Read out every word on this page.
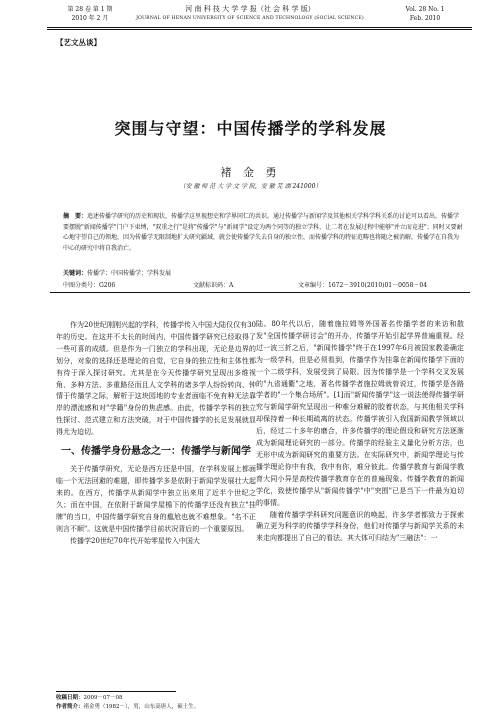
第 28 卷 第 1 期
2010 年 2 月
河 南 科 技 大 学 学 报（社 会 科 学 版）
JOURNAL OF HENAN UNIVERSITY OF SCIENCE AND TECHNOLOGY (SOCIAL SCIENCE)
Vol. 28 No. 1
Feb. 2010
【艺文丛谈】
突围与守望：中国传播学的学科发展
褚 金 勇
（安 徽 师 范 大 学 文 学 院，安 徽 芜 湖 241000）
摘　要：追述传播学研究的历史和现状，传播学这里视想史和学界同仁的共识。通过传播学与新闻学及其他相关学科学科关系的讨论可以看出，传播学要摆脱"新闻传播学"门户下束缚，"双重之行"是将"传播学"与"新闻学"设定为两个同等的独立学科，让二者在发展过程中能够"并立而竞进"；同时又要耐心地守望自己的领地，因为传播学无限制地扩大研究疆域，就会使传播学失去自身的独立性，而传播学科的特征范畴也将随之被消解，传播学在自我为中心的研究中将自我消亡。
关键词：传播学；中国传播学；学科发展
中图分类号：G206	文献标识码：A	文章编号：1672－3910(2010)01－0058－04

作为20世纪刚刚兴起的学科，传播学传入中国大陆仅仅有30年的历史。在这并不太长的时间内，中国传播学研究已经取得了一些可喜的成绩。但是作为一门独立的学科出现，无论是边界的划分，对象的选择还是理论的自觉，它自身的独立性和主体性都有待于深入探讨研究。尤其是在今天传播学研究呈现出多维视角、多种方法、多重路径而且人文学科的诸多学人纷纷转向、钟情于传播学之际，解析于这块园地的专业者面临不免有种无法靠岸的漂流感和对"学籍"身份的焦虑感。由此，传播学学科的独立性探讨、范式建立和方法突破，对于中国传播学的长足发展就显得尤为迫切。

一、传播学身份悬念之一：传播学与新闻学

关于传播学研究，无论是西方还是中国，在学科发展上都面临一个无法回避的难题，即传播学多是依附于新闻学发展壮大起来的。在西方，传播学从新闻学中独立出来用了近半个世纪之久；而在中国，在依附于新闻学屋檐下的传播学还没有独立"挂牌"的当口，中国传播学研究自身的尴尬也就不难想象。"名不正则言不顺"。这就是中国传播学目前状况背后的一个重要原因。

传播学20世纪70年代开始零星传入中国大

陆。80年代以后，随着施拉姆等外国著名传播学者的来访和散发"全国传播学研讨会"的开办，传播学开始引起学界普遍重视。经过一波三折之后，"新闻传播学"终于在1997年6月被国家教委确定为一级学科，但是必须看到，传播学作为挂靠在新闻传播学下面的一个二级学科，发展受到了局限。因为传播学是一个学科交叉发展的"九省通衢"之地，著名传播学者施拉姆就曾说过，传播学是各路学者的"一个集合场所"。[1]而"新闻传播学"这一说法使得传播学研究与新闻学研究呈现出一种难分难解的胶着状态，与其他相关学科却保持着一种长期疏离的状态。传播学被引入我国新闻教学领域以后，经过二十多年的磨合，许多传播学的理论假设和研究方法逐渐成为新闻理论研究的一部分。传播学的经验主义量化分析方法，也无形中成为新闻研究的重要方法。在实际研究中，新闻学理论与传播学理论你中有我，我中有你，难分彼此。传播学教育与新闻学教育大同小异是高校传播学教育存在的普遍现象。传播学教育的新闻学化，致使传播学从"新闻传播学"中"突围"已是当下一件最为迫切的事情。

随着传播学学科研究问题意识的唤起，许多学者都致力于探索确立更为科学的传播学学科身份，他们对传播学与新闻学关系的未来走向都提出了自己的看法。其大体可归结为"三融法"：一

收稿日期：2009－07－08
作者简介：褚金勇（1982－），男，山东高唐人，硕士生。
